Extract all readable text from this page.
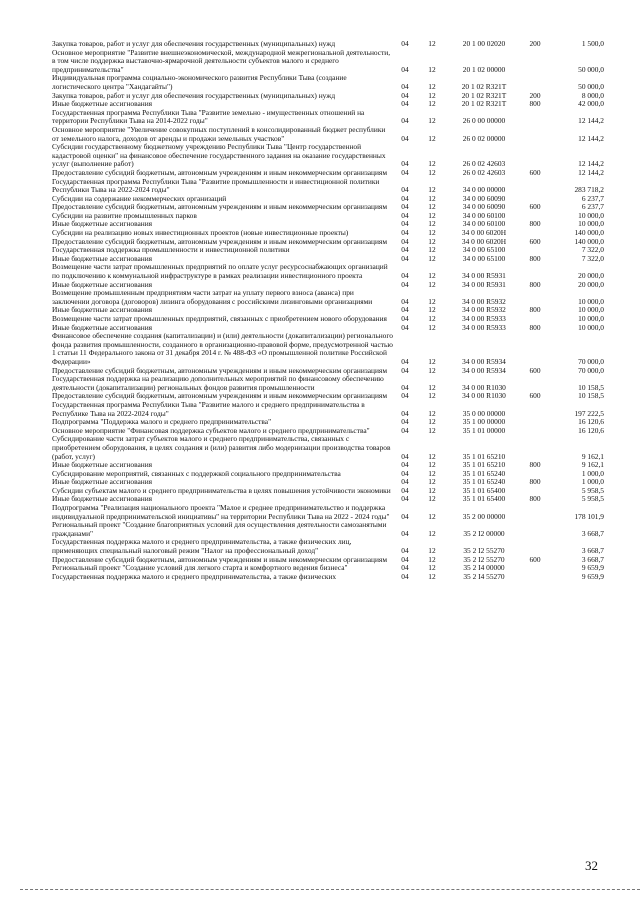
Закупка товаров, работ и услуг для обеспечения государственных (муниципальных) нужд	04	12	20 1 00 02020	200	1 500,0
Основное мероприятие "Развитие внешнеэкономической, международной межрегиональной деятельности, в том числе поддержка выставочно-ярмарочной деятельности субъектов малого и среднего предпринимательства"	04	12	20 1 02 00000		50 000,0
Индивидуальная программа социально-экономического развития Республики Тыва (создание логистического центра "Хандагайты")	04	12	20 1 02 R321T		50 000,0
Закупка товаров, работ и услуг для обеспечения государственных (муниципальных) нужд	04	12	20 1 02 R321T	200	8 000,0
Иные бюджетные ассигнования	04	12	20 1 02 R321T	800	42 000,0
Государственная программа Республики Тыва "Развитие земельно - имущественных отношений на территории Республики Тыва на 2014-2022 годы"	04	12	26 0 00 00000		12 144,2
Основное мероприятие "Увеличение совокупных поступлений в консолидированный бюджет республики от земельного налога, доходов от аренды и продажи земельных участков"	04	12	26 0 02 00000		12 144,2
Субсидии государственному бюджетному учреждению Республики Тыва "Центр государственной кадастровой оценки" на финансовое обеспечение государственного задания на оказание государственных услуг (выполнение работ)	04	12	26 0 02 42603		12 144,2
Предоставление субсидий бюджетным, автономным учреждениям и иным некоммерческим организациям	04	12	26 0 02 42603	600	12 144,2
Государственная программа Республики Тыва "Развитие промышленности и инвестиционной политики Республики Тыва на 2022-2024 годы"	04	12	34 0 00 00000		283 718,2
Субсидии на содержание некоммерческих организаций	04	12	34 0 00 60090		6 237,7
Предоставление субсидий бюджетным, автономным учреждениям и иным некоммерческим организациям	04	12	34 0 00 60090	600	6 237,7
Субсидии на развитие промышленных парков	04	12	34 0 00 60100		10 000,0
Иные бюджетные ассигнования	04	12	34 0 00 60100	800	10 000,0
Субсидии на реализацию новых инвестиционных проектов (новые инвестиционные проекты)	04	12	34 0 00 6020Н		140 000,0
Предоставление субсидий бюджетным, автономным учреждениям и иным некоммерческим организациям	04	12	34 0 00 6020Н	600	140 000,0
Государственная поддержка промышленности и инвестиционной политики	04	12	34 0 00 65100		7 322,0
Иные бюджетные ассигнования	04	12	34 0 00 65100	800	7 322,0
Возмещение части затрат промышленных предприятий по оплате услуг ресурсоснабжающих организаций по подключению к коммунальной инфраструктуре в рамках реализации инвестиционного проекта	04	12	34 0 00 R5931		20 000,0
Иные бюджетные ассигнования	04	12	34 0 00 R5931	800	20 000,0
Возмещение промышленным предприятиям части затрат на уплату первого взноса (аванса) при заключении договора (договоров) лизинга оборудования с российскими лизинговыми организациями	04	12	34 0 00 R5932		10 000,0
Иные бюджетные ассигнования	04	12	34 0 00 R5932	800	10 000,0
Возмещение части затрат промышленных предприятий, связанных с приобретением нового оборудования	04	12	34 0 00 R5933		10 000,0
Иные бюджетные ассигнования	04	12	34 0 00 R5933	800	10 000,0
Финансовое обеспечение создания (капитализации) и (или) деятельности (докапитализации) регионального фонда развития промышленности, созданного в организационно-правовой форме, предусмотренной частью 1 статьи 11 Федерального закона от 31 декабря 2014 г. № 488-ФЗ «О промышленной политике Российской Федерации»	04	12	34 0 00 R5934		70 000,0
Предоставление субсидий бюджетным, автономным учреждениям и иным некоммерческим организациям	04	12	34 0 00 R5934	600	70 000,0
Государственная поддержка на реализацию дополнительных мероприятий по финансовому обеспечению деятельности (докапитализации) региональных фондов развития промышленности	04	12	34 0 00 R1030		10 158,5
Предоставление субсидий бюджетным, автономным учреждениям и иным некоммерческим организациям	04	12	34 0 00 R1030	600	10 158,5
Государственная программа Республики Тыва "Развитие малого и среднего предпринимательства в Республике Тыва на 2022-2024 годы"	04	12	35 0 00 00000		197 222,5
Подпрограмма "Поддержка малого и среднего предпринимательства"	04	12	35 1 00 00000		16 120,6
Основное мероприятие "Финансовая поддержка субъектов малого и среднего предпринимательства"	04	12	35 1 01 00000		16 120,6
Субсидирование части затрат субъектов малого и среднего предпринимательства, связанных с приобретением оборудования, в целях создания и (или) развития либо модернизации производства товаров (работ, услуг)	04	12	35 1 01 65210		9 162,1
Иные бюджетные ассигнования	04	12	35 1 01 65210	800	9 162,1
Субсидирование мероприятий, связанных с поддержкой социального предпринимательства	04	12	35 1 01 65240		1 000,0
Иные бюджетные ассигнования	04	12	35 1 01 65240	800	1 000,0
Субсидии субъектам малого и среднего предпринимательства в целях повышения устойчивости экономики	04	12	35 1 01 65400		5 958,5
Иные бюджетные ассигнования	04	12	35 1 01 65400	800	5 958,5
Подпрограмма "Реализация национального проекта "Малое и среднее предпринимательство и поддержка индивидуальной предпринимательской инициативы" на территории Республики Тыва на 2022 - 2024 годы"	04	12	35 2 00 00000		178 101,9
Региональный проект "Создание благоприятных условий для осуществления деятельности самозанятыми гражданами"	04	12	35 2 I2 00000		3 668,7
Государственная поддержка малого и среднего предпринимательства, а также физических лиц, применяющих специальный налоговый режим "Налог на профессиональный доход"	04	12	35 2 I2 55270		3 668,7
Предоставление субсидий бюджетным, автономным учреждениям и иным некоммерческим организациям	04	12	35 2 I2 55270	600	3 668,7
Региональный проект "Создание условий для легкого старта и комфортного ведения бизнеса"	04	12	35 2 I4 00000		9 659,9
Государственная поддержка малого и среднего предпринимательства, а также физических	04	12	35 2 I4 55270		9 659,9
32
